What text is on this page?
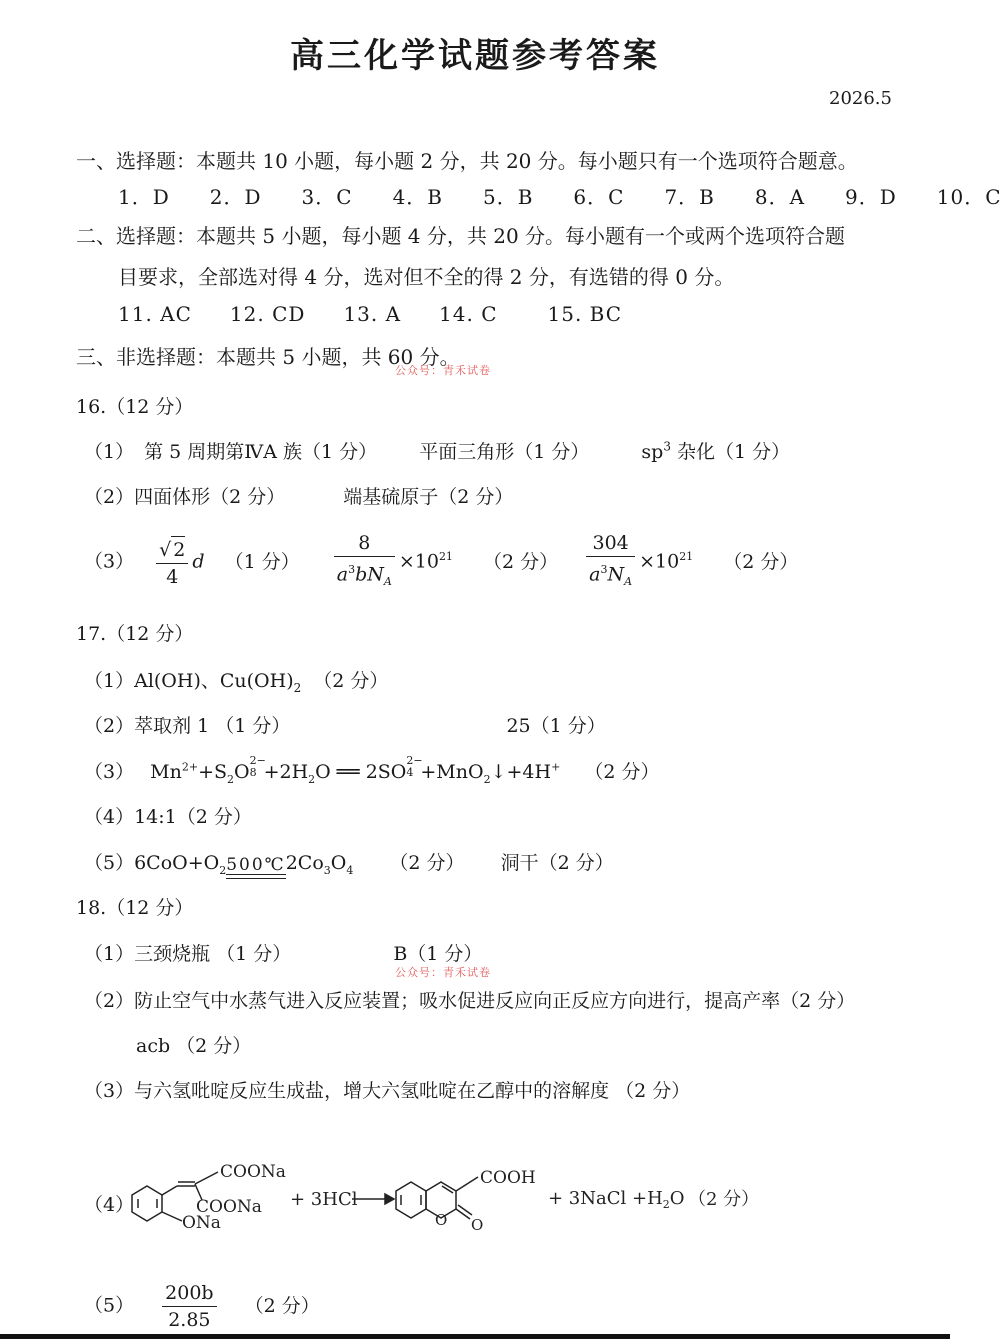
高三化学试题参考答案
2026.5
一、选择题：本题共 10 小题，每小题 2 分，共 20 分。每小题只有一个选项符合题意。
1．D 2．D 3．C 4．B 5．B 6．C 7．B 8．A 9．D 10．C
二、选择题：本题共 5 小题，每小题 4 分，共 20 分。每小题有一个或两个选项符合题
目要求，全部选对得 4 分，选对但不全的得 2 分，有选错的得 0 分。
11. AC 12. CD 13. A 14. C	15. BC
三、非选择题：本题共 5 小题，共 60 分。
公众号：青禾试卷
16.（12 分）
（1） 第 5 周期第ⅣA 族（1 分） 平面三角形（1 分）	$sp^3$ 杂化（1 分）
（2）四面体形（2 分）	端基硫原子（2 分）
$(3) \frac{√ 2}{4}$ d （1 分） $\frac{8}{a^3bN_A} \times 10^{21}$ （2 分） $\frac{304}{a^3N_A} \times 10^{21}$ （2 分）
17.（12 分）
（1）Al(OH)、$Cu(OH)_2$ （2 分）
（2）萃取剂 1 （1 分）	25（1 分）
（3） $Mn^{2+}+S_2O$
2−
$8 +2H_2O$ ══ 2SO
2−
4 +MnO$_2$↓+4H+ （2 分）
（4）14:1（2 分）
$(5)6CoO+O_2$ 500℃ $2Co_3O_4$ （2 分） 洞干（2 分）
18.（12 分）
（1）三颈烧瓶 （1 分）	B（1 分）
公众号：青禾试卷
（2）防止空气中水蒸气进入反应装置；吸水促进反应向正反应方向进行，提高产率（2 分）
acb （2 分）
（3）与六氢吡啶反应生成盐，增大六氢吡啶在乙醇中的溶解度 （2 分）
（4）
COONa
COONa
ONa
+ 3HCl
COOH
O O
+ 3NaCl $+H_2O$ （2 分）
$(5) \frac{200b}{2.85} (2$ 分）
